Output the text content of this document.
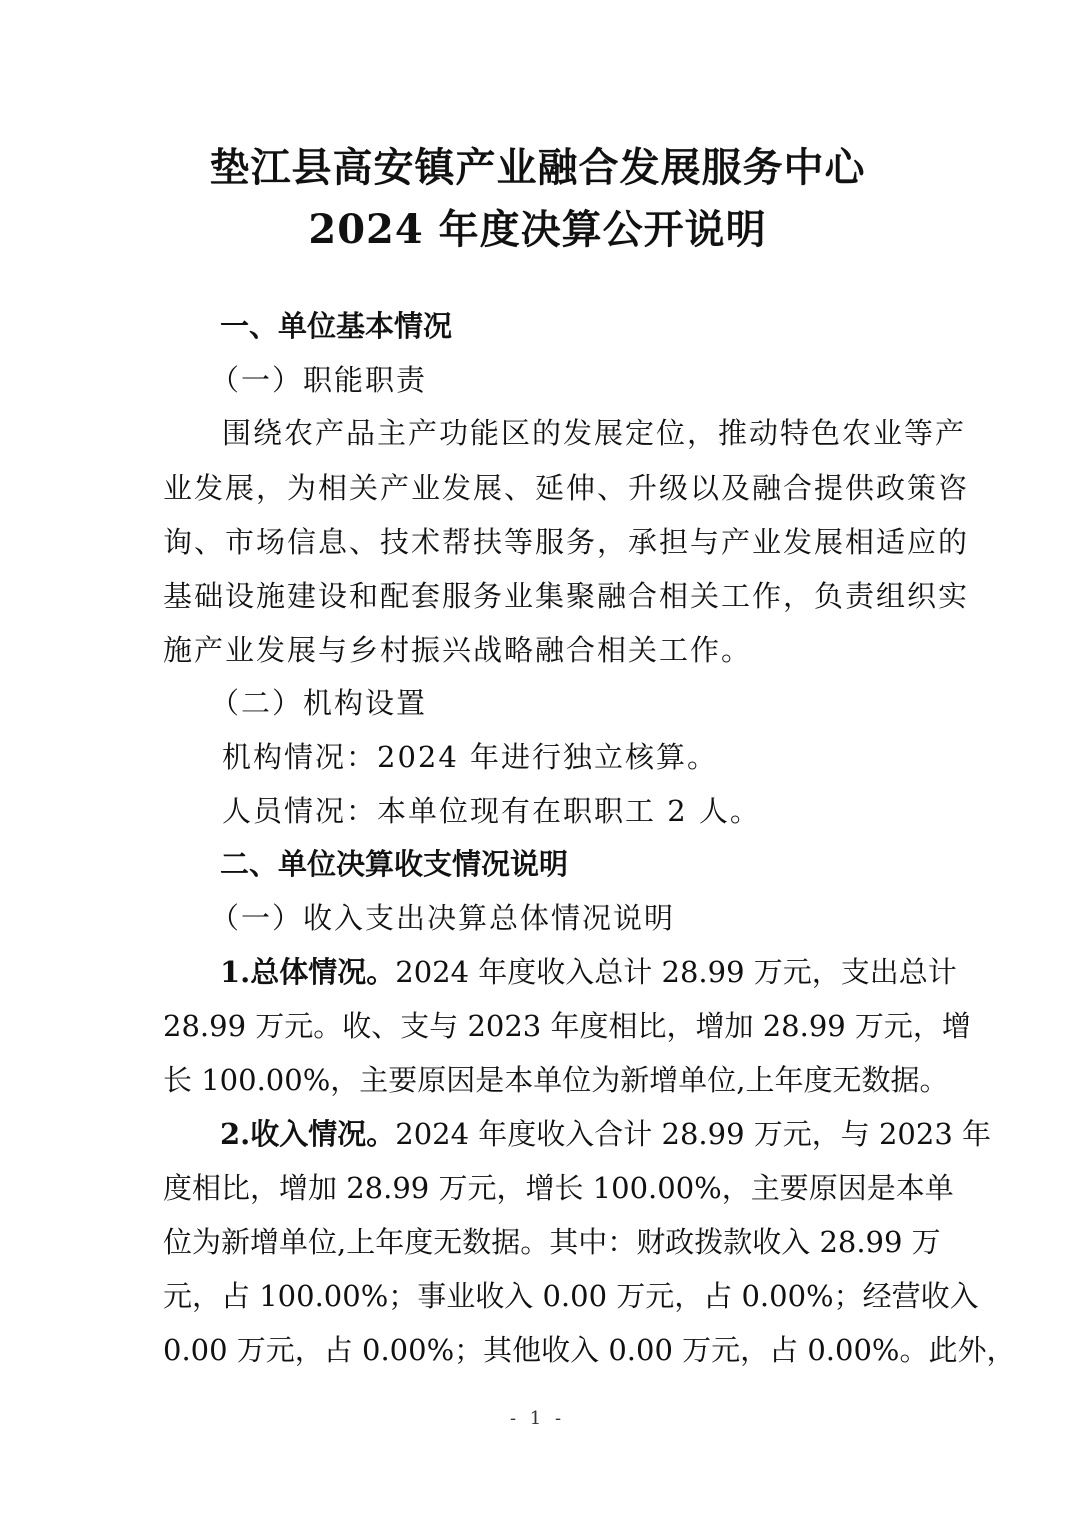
垫江县高安镇产业融合发展服务中心
2024 年度决算公开说明
一、单位基本情况
（一）职能职责
围绕农产品主产功能区的发展定位，推动特色农业等产
业发展，为相关产业发展、延伸、升级以及融合提供政策咨
询、市场信息、技术帮扶等服务，承担与产业发展相适应的
基础设施建设和配套服务业集聚融合相关工作，负责组织实
施产业发展与乡村振兴战略融合相关工作。
（二）机构设置
机构情况：2024 年进行独立核算。
人员情况：本单位现有在职职工 2 人。
二、单位决算收支情况说明
（一）收入支出决算总体情况说明
1.总体情况。2024 年度收入总计 28.99 万元，支出总计
28.99 万元。收、支与 2023 年度相比，增加 28.99 万元，增
长 100.00%，主要原因是本单位为新增单位,上年度无数据。
2.收入情况。2024 年度收入合计 28.99 万元，与 2023 年
度相比，增加 28.99 万元，增长 100.00%，主要原因是本单
位为新增单位,上年度无数据。其中：财政拨款收入 28.99 万
元，占 100.00%；事业收入 0.00 万元，占 0.00%；经营收入
0.00 万元，占 0.00%；其他收入 0.00 万元，占 0.00%。此外，
- 1 -
